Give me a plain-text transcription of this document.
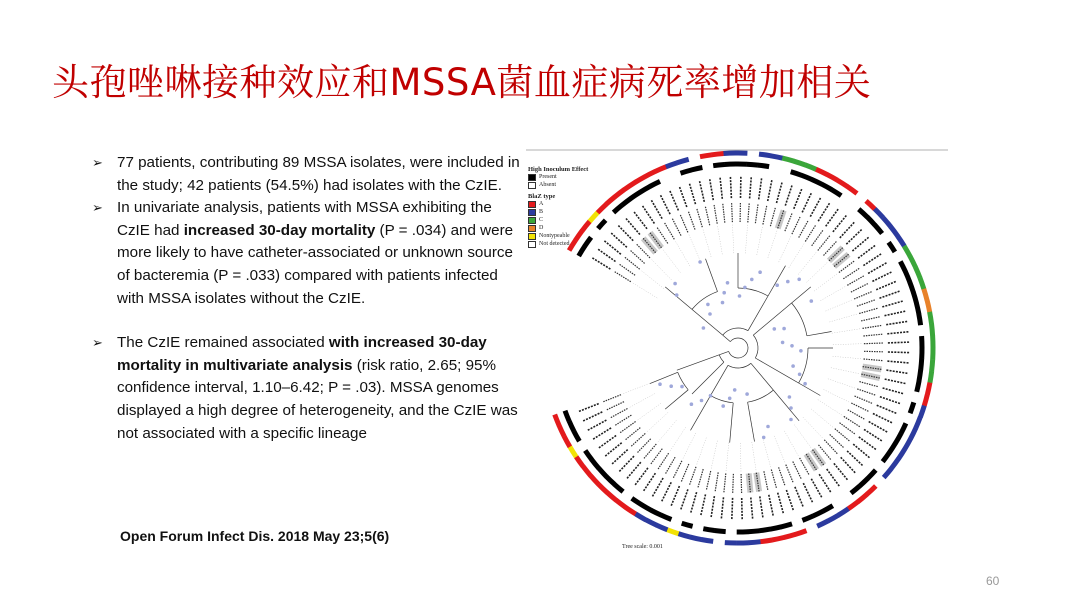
头孢唑啉接种效应和MSSA菌血症病死率增加相关
➢ 77 patients, contributing 89 MSSA isolates, were included in the study; 42 patients (54.5%) had isolates with the CzIE.
➢ In univariate analysis, patients with MSSA exhibiting the CzIE had increased 30-day mortality (P = .034) and were more likely to have catheter-associated or unknown source of bacteremia (P = .033) compared with patients infected with MSSA isolates without the CzIE.
➢ The CzIE remained associated with increased 30-day mortality in multivariate analysis (risk ratio, 2.65; 95% confidence interval, 1.10–6.42; P = .03). MSSA genomes displayed a high degree of heterogeneity, and the CzIE was not associated with a specific lineage
Open Forum Infect Dis. 2018 May 23;5(6)
60
High Inoculum Effect
Present
Absent
BlaZ type
A
B
C
D
Nontypeable
Not detected
Tree scale: 0.001
